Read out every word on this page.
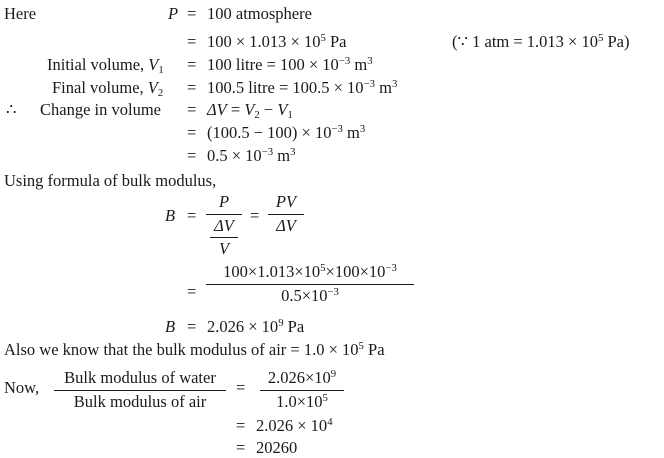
Here	P = 100 atmosphere
= $100 \times 1.013 \times 10^5$ Pa	(∵ 1 atm = $1.013 \times 10^5$ Pa)
Initial volume, $V_1 = 100$ litre = $100 \times 10^{-3}$ $m^3$
Final volume, $V_2 = 100.5$ litre = $100.5 \times 10^{-3}$ $m^3$
∴ Change in volume = $\Delta V = V_2 - V_1$
= $(100.5 - 100) \times 10^{-3}$ $m^3$
= $0.5 \times 10^{-3}$ $m^3$
Using formula of bulk modulus,
B =
P
ΔV
V
=
PV
ΔV
=
$100\times 1.013\times 10^5\times 100\times 10^{-3}$
$0.5\times 10^{-3}$
$B = 2.026 \times 10^9$ Pa
Also we know that the bulk modulus of air = $1.0 \times 10^5$ Pa
Now,
Bulk modulus of water
Bulk modulus of air
=
$2.026\times 10^9$
$1.0\times 10^5$
= $2.026 \times 10^4$
= 20260
